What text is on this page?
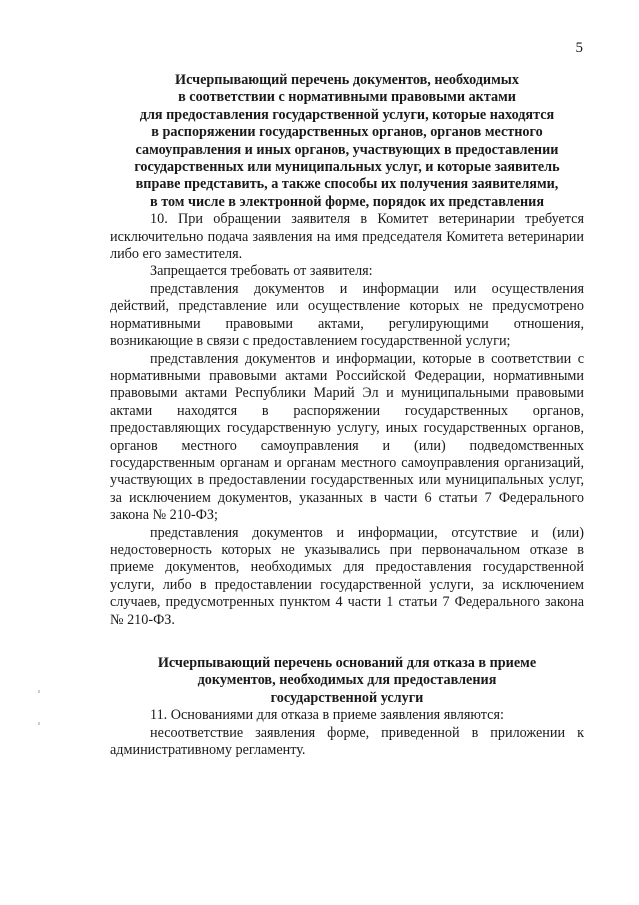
5
Исчерпывающий перечень документов, необходимых
в соответствии с нормативными правовыми актами
для предоставления государственной услуги, которые находятся
в распоряжении государственных органов, органов местного
самоуправления и иных органов, участвующих в предоставлении
государственных или муниципальных услуг, и которые заявитель
вправе представить, а также способы их получения заявителями,
в том числе в электронной форме, порядок их представления

10. При обращении заявителя в Комитет ветеринарии требуется исключительно подача заявления на имя председателя Комитета ветеринарии либо его заместителя.

Запрещается требовать от заявителя:

представления документов и информации или осуществления действий, представление или осуществление которых не предусмотрено нормативными правовыми актами, регулирующими отношения, возникающие в связи с предоставлением государственной услуги;

представления документов и информации, которые в соответствии с нормативными правовыми актами Российской Федерации, нормативными правовыми актами Республики Марий Эл и муниципальными правовыми актами находятся в распоряжении государственных органов, предоставляющих государственную услугу, иных государственных органов, органов местного самоуправления и (или) подведомственных государственным органам и органам местного самоуправления организаций, участвующих в предоставлении государственных или муниципальных услуг, за исключением документов, указанных в части 6 статьи 7 Федерального закона № 210-ФЗ;

представления документов и информации, отсутствие и (или) недостоверность которых не указывались при первоначальном отказе в приеме документов, необходимых для предоставления государственной услуги, либо в предоставлении государственной услуги, за исключением случаев, предусмотренных пунктом 4 части 1 статьи 7 Федерального закона № 210-ФЗ.

Исчерпывающий перечень оснований для отказа в приеме
документов, необходимых для предоставления
государственной услуги

11. Основаниями для отказа в приеме заявления являются:

несоответствие заявления форме, приведенной в приложении к административному регламенту.
